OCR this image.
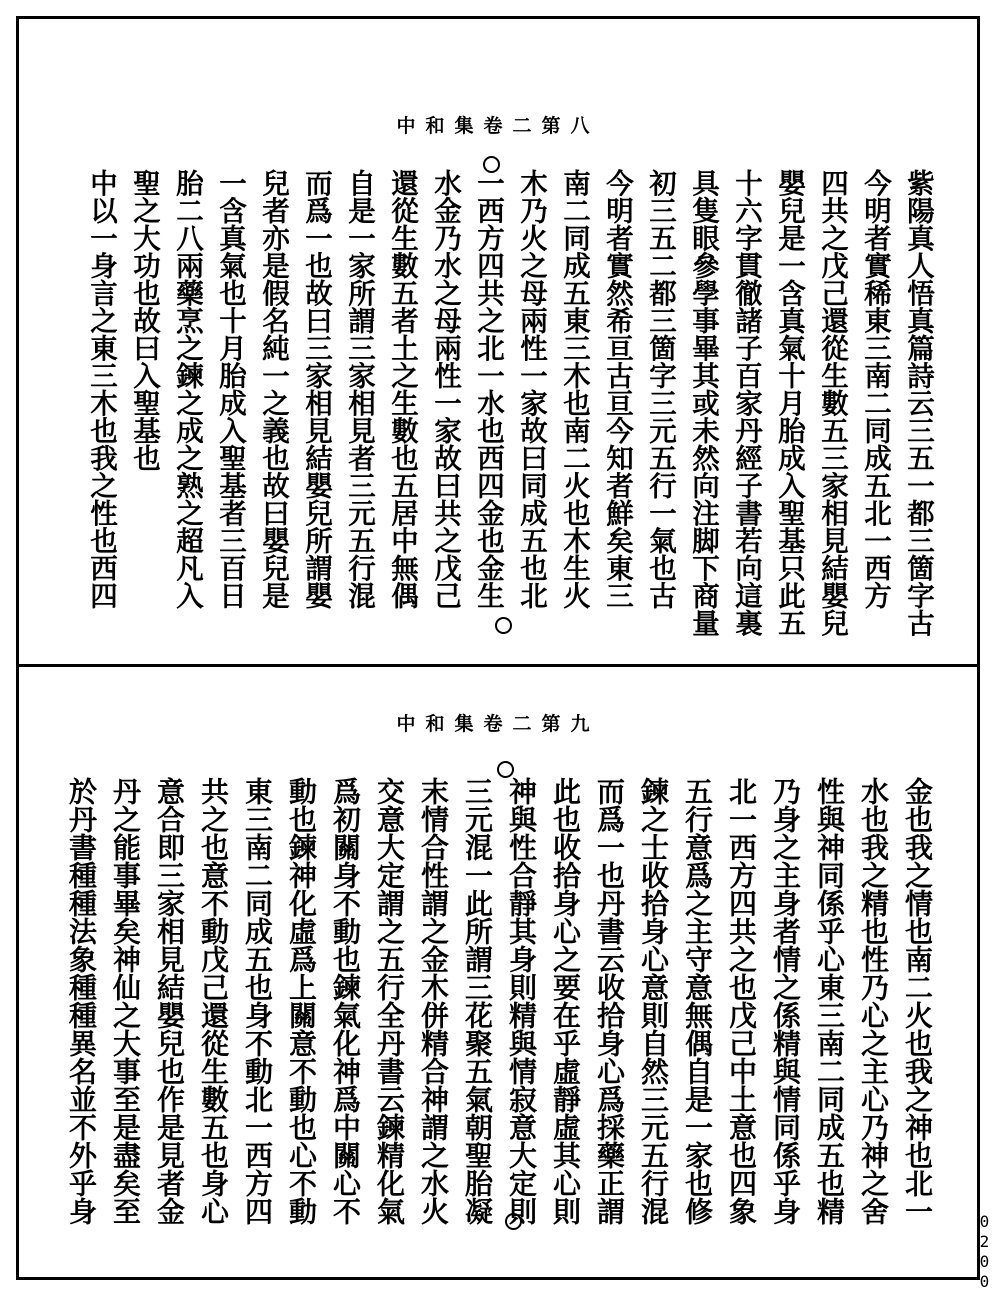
中和集卷二第八
紫陽真人悟真篇詩云三五一都三箇字古
今明者實稀東三南二同成五北一西方
四共之戊己還從生數五三家相見結嬰兒
嬰兒是一含真氣十月胎成入聖基只此五
十六字貫徹諸子百家丹經子書若向這裏
具隻眼參學事畢其或未然向注脚下商量
初三五二都三箇字三元五行一氣也古
今明者實然希亘古亘今知者鮮矣東三
南二同成五東三木也南二火也木生火
木乃火之母兩性一家故曰同成五也北
一西方四共之北一水也西四金也金生
水金乃水之母兩性一家故曰共之戊己
還從生數五者土之生數也五居中無偶
自是一家所謂三家相見者三元五行混
而爲一也故曰三家相見結嬰兒所謂嬰
兒者亦是假名純一之義也故曰嬰兒是
一含真氣也十月胎成入聖基者三百日
胎二八兩藥烹之鍊之成之熟之超凡入
聖之大功也故曰入聖基也
中以一身言之東三木也我之性也西四
中和集卷二第九
金也我之情也南二火也我之神也北一
水也我之精也性乃心之主心乃神之舍
性與神同係乎心東三南二同成五也精
乃身之主身者情之係精與情同係乎身
北一西方四共之也戊己中土意也四象
五行意爲之主守意無偶自是一家也修
鍊之士收拾身心意則自然三元五行混
而爲一也丹書云收拾身心爲採藥正謂
此也收拾身心之要在乎虛靜虛其心則
神與性合靜其身則精與情寂意大定則
三元混一此所謂三花聚五氣朝聖胎凝
末情合性謂之金木併精合神謂之水火
交意大定謂之五行全丹書云鍊精化氣
爲初關身不動也鍊氣化神爲中關心不
動也鍊神化虛爲上關意不動也心不動
東三南二同成五也身不動北一西方四
共之也意不動戊己還從生數五也身心
意合即三家相見結嬰兒也作是見者金
丹之能事畢矣神仙之大事至是盡矣至
於丹書種種法象種種異名並不外乎身
0200
